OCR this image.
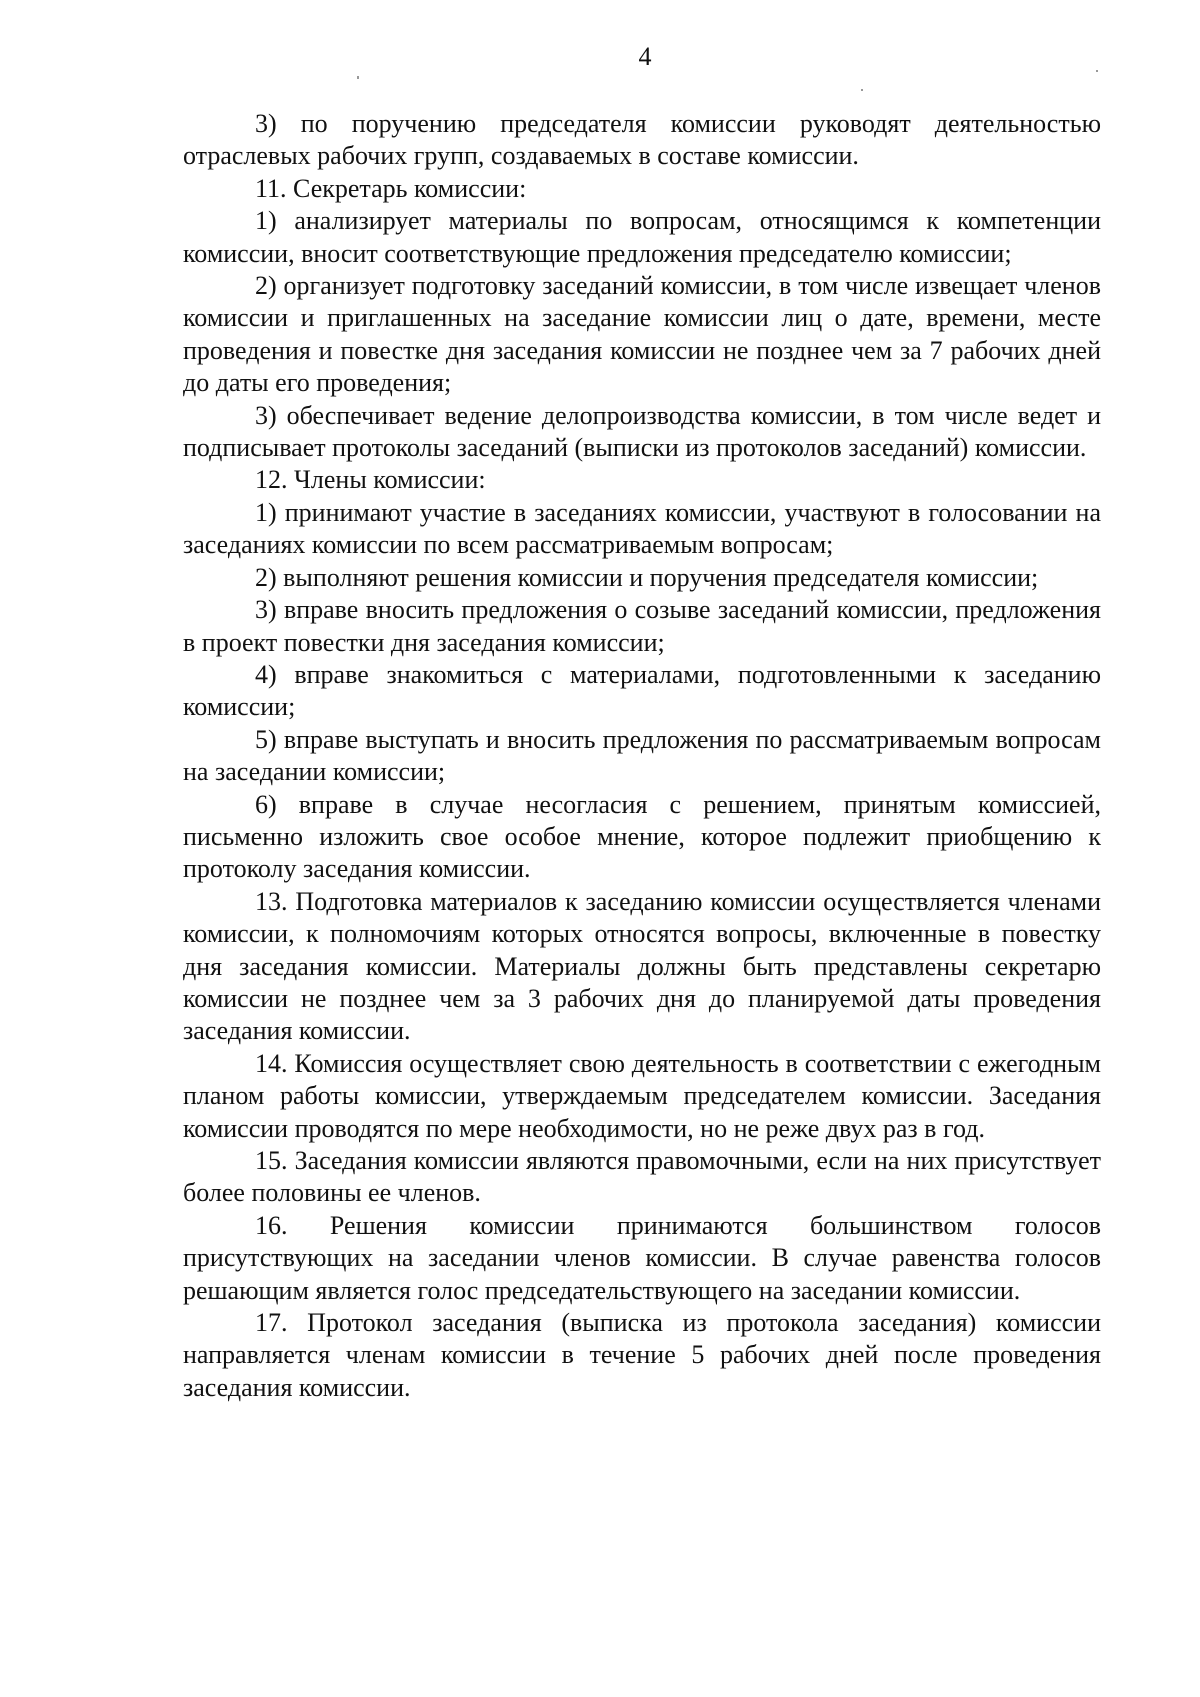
4

3) по поручению председателя комиссии руководят деятельностью отраслевых рабочих групп, создаваемых в составе комиссии.

11. Секретарь комиссии:

1) анализирует материалы по вопросам, относящимся к компетенции комиссии, вносит соответствующие предложения председателю комиссии;

2) организует подготовку заседаний комиссии, в том числе извещает членов комиссии и приглашенных на заседание комиссии лиц о дате, времени, месте проведения и повестке дня заседания комиссии не позднее чем за 7 рабочих дней до даты его проведения;

3) обеспечивает ведение делопроизводства комиссии, в том числе ведет и подписывает протоколы заседаний (выписки из протоколов заседаний) комиссии.

12. Члены комиссии:

1) принимают участие в заседаниях комиссии, участвуют в голосовании на заседаниях комиссии по всем рассматриваемым вопросам;

2) выполняют решения комиссии и поручения председателя комиссии;

3) вправе вносить предложения о созыве заседаний комиссии, предложения в проект повестки дня заседания комиссии;

4) вправе знакомиться с материалами, подготовленными к заседанию комиссии;

5) вправе выступать и вносить предложения по рассматриваемым вопросам на заседании комиссии;

6) вправе в случае несогласия с решением, принятым комиссией, письменно изложить свое особое мнение, которое подлежит приобщению к протоколу заседания комиссии.

13. Подготовка материалов к заседанию комиссии осуществляется членами комиссии, к полномочиям которых относятся вопросы, включенные в повестку дня заседания комиссии. Материалы должны быть представлены секретарю комиссии не позднее чем за 3 рабочих дня до планируемой даты проведения заседания комиссии.

14. Комиссия осуществляет свою деятельность в соответствии с ежегодным планом работы комиссии, утверждаемым председателем комиссии. Заседания комиссии проводятся по мере необходимости, но не реже двух раз в год.

15. Заседания комиссии являются правомочными, если на них присутствует более половины ее членов.

16. Решения комиссии принимаются большинством голосов присутствующих на заседании членов комиссии. В случае равенства голосов решающим является голос председательствующего на заседании комиссии.

17. Протокол заседания (выписка из протокола заседания) комиссии направляется членам комиссии в течение 5 рабочих дней после проведения заседания комиссии.
